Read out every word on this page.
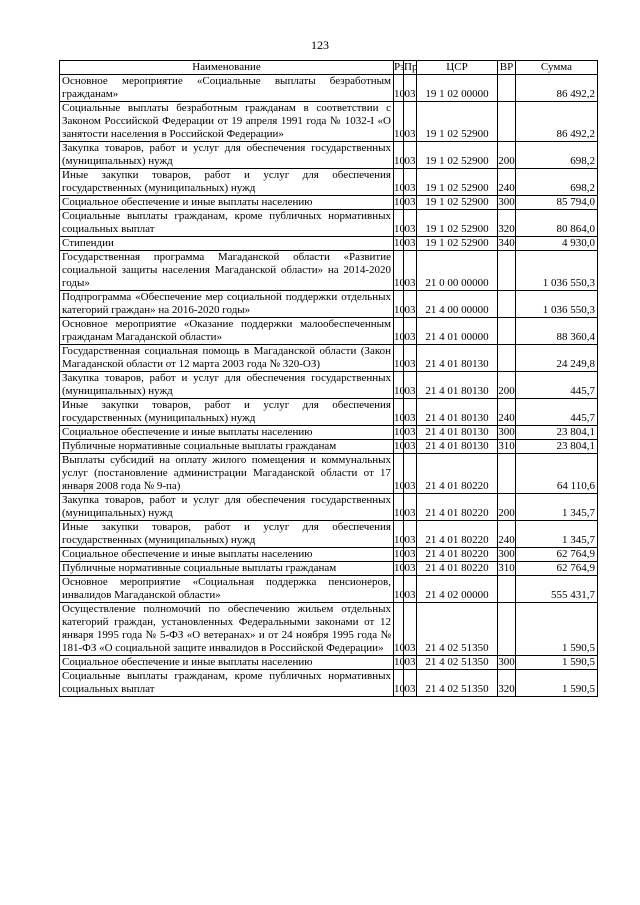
123
Наименование	Рз	Пр	ЦСР	ВР	Сумма
Основное мероприятие «Социальные выплаты безработным гражданам»	10	03	19 1 02 00000		86 492,2
Социальные выплаты безработным гражданам в соответствии с Законом Российской Федерации от 19 апреля 1991 года № 1032-I «О занятости населения в Российской Федерации»	10	03	19 1 02 52900		86 492,2
Закупка товаров, работ и услуг для обеспечения государственных (муниципальных) нужд	10	03	19 1 02 52900	200	698,2
Иные закупки товаров, работ и услуг для обеспечения государственных (муниципальных) нужд	10	03	19 1 02 52900	240	698,2
Социальное обеспечение и иные выплаты населению	10	03	19 1 02 52900	300	85 794,0
Социальные выплаты гражданам, кроме публичных нормативных социальных выплат	10	03	19 1 02 52900	320	80 864,0
Стипендии	10	03	19 1 02 52900	340	4 930,0
Государственная программа Магаданской области «Развитие социальной защиты населения Магаданской области» на 2014-2020 годы»	10	03	21 0 00 00000		1 036 550,3
Подпрограмма «Обеспечение мер социальной поддержки отдельных категорий граждан» на 2016-2020 годы»	10	03	21 4 00 00000		1 036 550,3
Основное мероприятие «Оказание поддержки малообеспеченным гражданам Магаданской области»	10	03	21 4 01 00000		88 360,4
Государственная социальная помощь в Магаданской области (Закон Магаданской области от 12 марта 2003 года № 320-ОЗ)	10	03	21 4 01 80130		24 249,8
Закупка товаров, работ и услуг для обеспечения государственных (муниципальных) нужд	10	03	21 4 01 80130	200	445,7
Иные закупки товаров, работ и услуг для обеспечения государственных (муниципальных) нужд	10	03	21 4 01 80130	240	445,7
Социальное обеспечение и иные выплаты населению	10	03	21 4 01 80130	300	23 804,1
Публичные нормативные социальные выплаты гражданам	10	03	21 4 01 80130	310	23 804,1
Выплаты субсидий на оплату жилого помещения и коммунальных услуг (постановление администрации Магаданской области от 17 января 2008 года № 9-па)	10	03	21 4 01 80220		64 110,6
Закупка товаров, работ и услуг для обеспечения государственных (муниципальных) нужд	10	03	21 4 01 80220	200	1 345,7
Иные закупки товаров, работ и услуг для обеспечения государственных (муниципальных) нужд	10	03	21 4 01 80220	240	1 345,7
Социальное обеспечение и иные выплаты населению	10	03	21 4 01 80220	300	62 764,9
Публичные нормативные социальные выплаты гражданам	10	03	21 4 01 80220	310	62 764,9
Основное мероприятие «Социальная поддержка пенсионеров, инвалидов Магаданской области»	10	03	21 4 02 00000		555 431,7
Осуществление полномочий по обеспечению жильем отдельных категорий граждан, установленных Федеральными законами от 12 января 1995 года № 5-ФЗ «О ветеранах» и от 24 ноября 1995 года № 181-ФЗ «О социальной защите инвалидов в Российской Федерации»	10	03	21 4 02 51350		1 590,5
Социальное обеспечение и иные выплаты населению	10	03	21 4 02 51350	300	1 590,5
Социальные выплаты гражданам, кроме публичных нормативных социальных выплат	10	03	21 4 02 51350	320	1 590,5
